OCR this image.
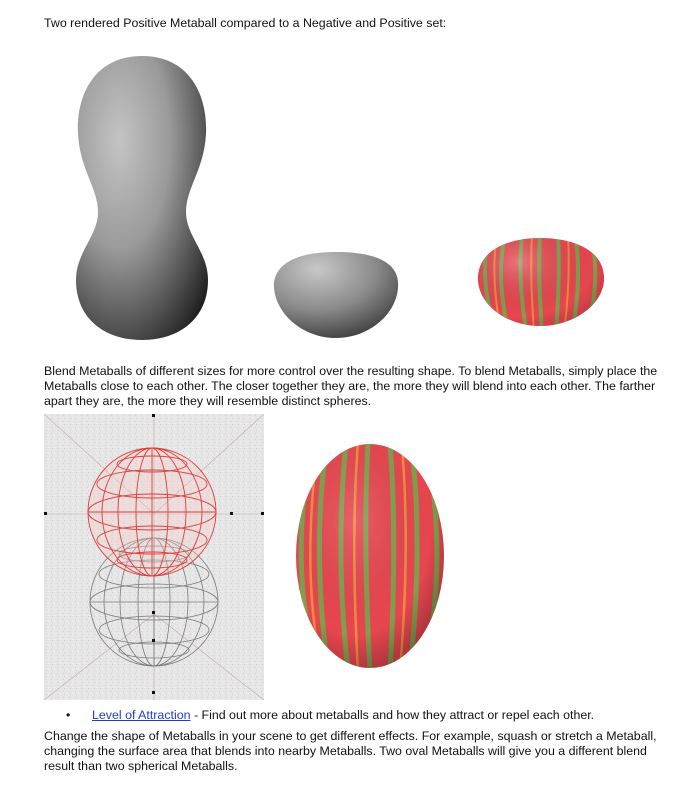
Two rendered Positive Metaball compared to a Negative and Positive set:

Blend Metaballs of different sizes for more control over the resulting shape. To blend Metaballs, simply place the Metaballs close to each other. The closer together they are, the more they will blend into each other. The farther apart they are, the more they will resemble distinct spheres.

• Level of Attraction - Find out more about metaballs and how they attract or repel each other.

Change the shape of Metaballs in your scene to get different effects. For example, squash or stretch a Metaball, changing the surface area that blends into nearby Metaballs. Two oval Metaballs will give you a different blend result than two spherical Metaballs.
